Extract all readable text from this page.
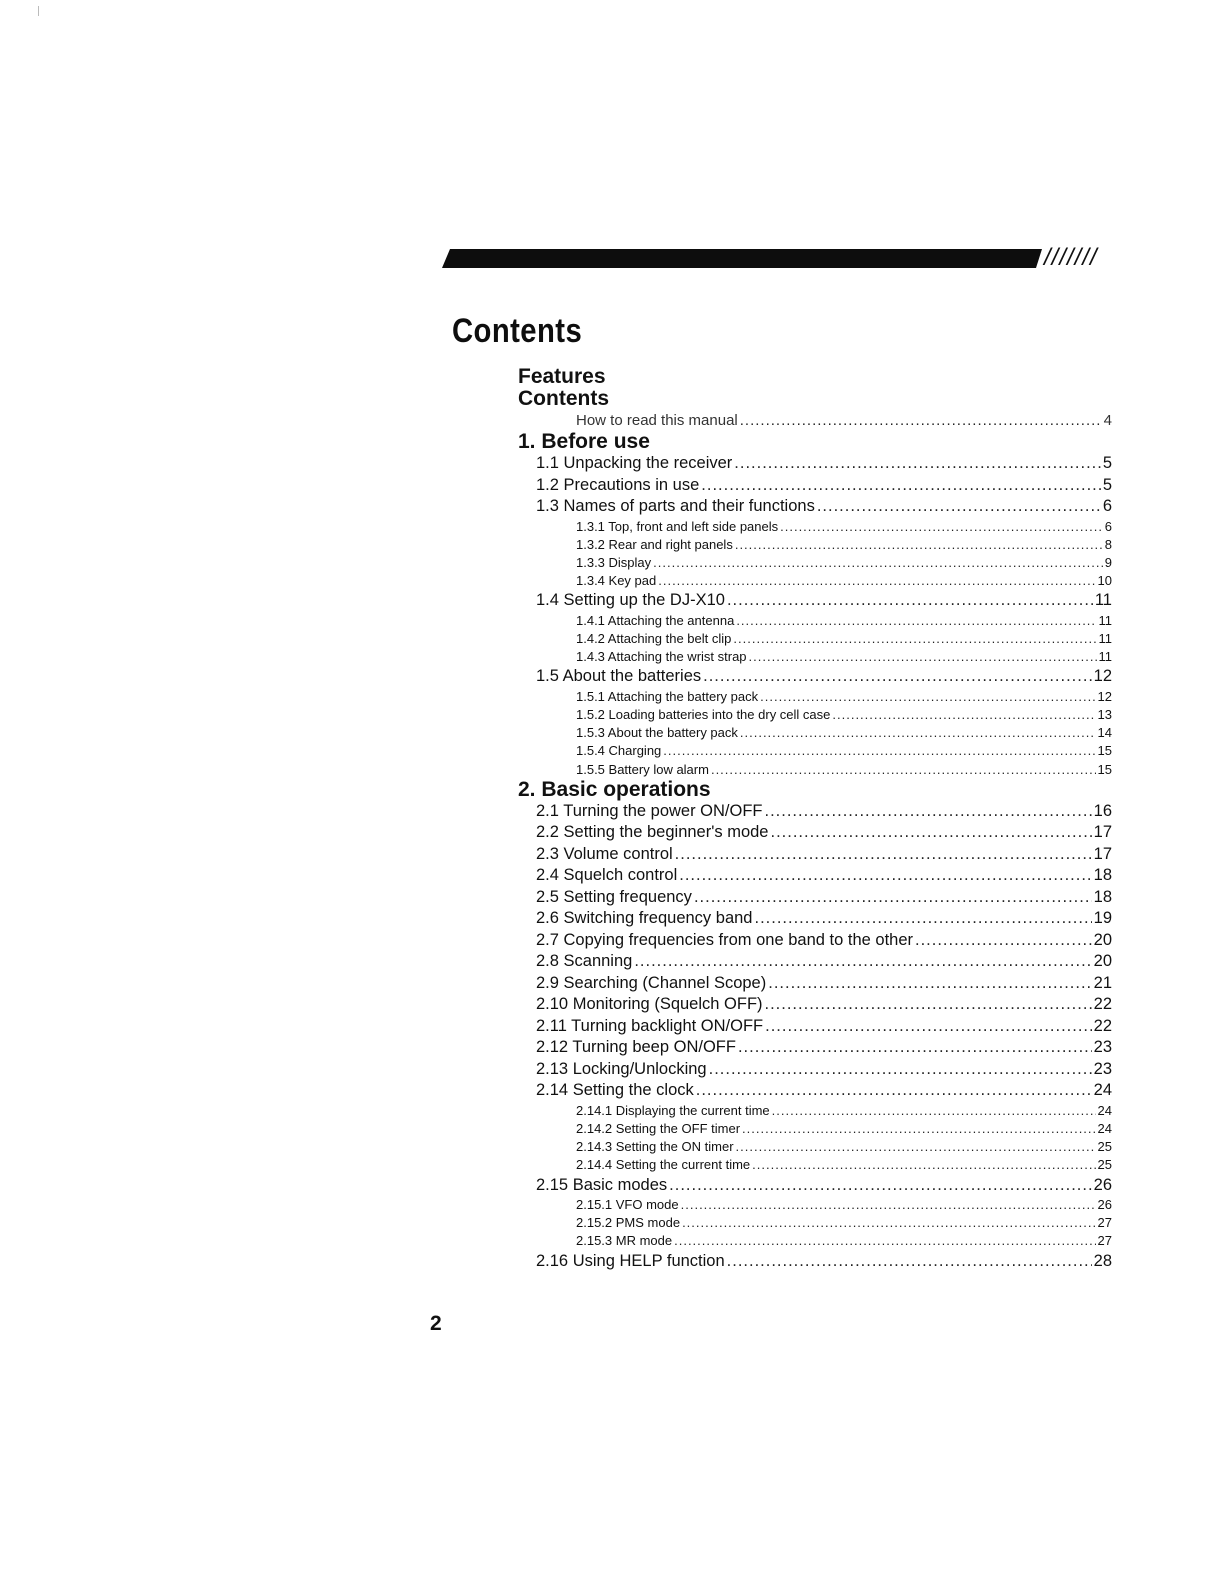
///////
Contents
Features
Contents
How to read this manual .....	4
1. Before use
1.1 Unpacking the receiver .....	5
1.2 Precautions in use .....	5
1.3 Names of parts and their functions .....	6
1.3.1 Top, front and left side panels .....	6
1.3.2 Rear and right panels .....	8
1.3.3 Display .....	9
1.3.4 Key pad .....	10
1.4 Setting up the DJ-X10 .....	11
1.4.1 Attaching the antenna .....	11
1.4.2 Attaching the belt clip .....	11
1.4.3 Attaching the wrist strap .....	11
1.5 About the batteries .....	12
1.5.1 Attaching the battery pack .....	12
1.5.2 Loading batteries into the dry cell case .....	13
1.5.3 About the battery pack .....	14
1.5.4 Charging .....	15
1.5.5 Battery low alarm .....	15
2. Basic operations
2.1 Turning the power ON/OFF .....	16
2.2 Setting the beginner's mode .....	17
2.3 Volume control .....	17
2.4 Squelch control .....	18
2.5 Setting frequency .....	18
2.6 Switching frequency band .....	19
2.7 Copying frequencies from one band to the other .....	20
2.8 Scanning .....	20
2.9 Searching (Channel Scope) .....	21
2.10 Monitoring (Squelch OFF) .....	22
2.11 Turning backlight ON/OFF .....	22
2.12 Turning beep ON/OFF .....	23
2.13 Locking/Unlocking .....	23
2.14 Setting the clock .....	24
2.14.1 Displaying the current time .....	24
2.14.2 Setting the OFF timer .....	24
2.14.3 Setting the ON timer .....	25
2.14.4 Setting the current time .....	25
2.15 Basic modes .....	26
2.15.1 VFO mode .....	26
2.15.2 PMS mode .....	27
2.15.3 MR mode .....	27
2.16 Using HELP function .....	28
2
